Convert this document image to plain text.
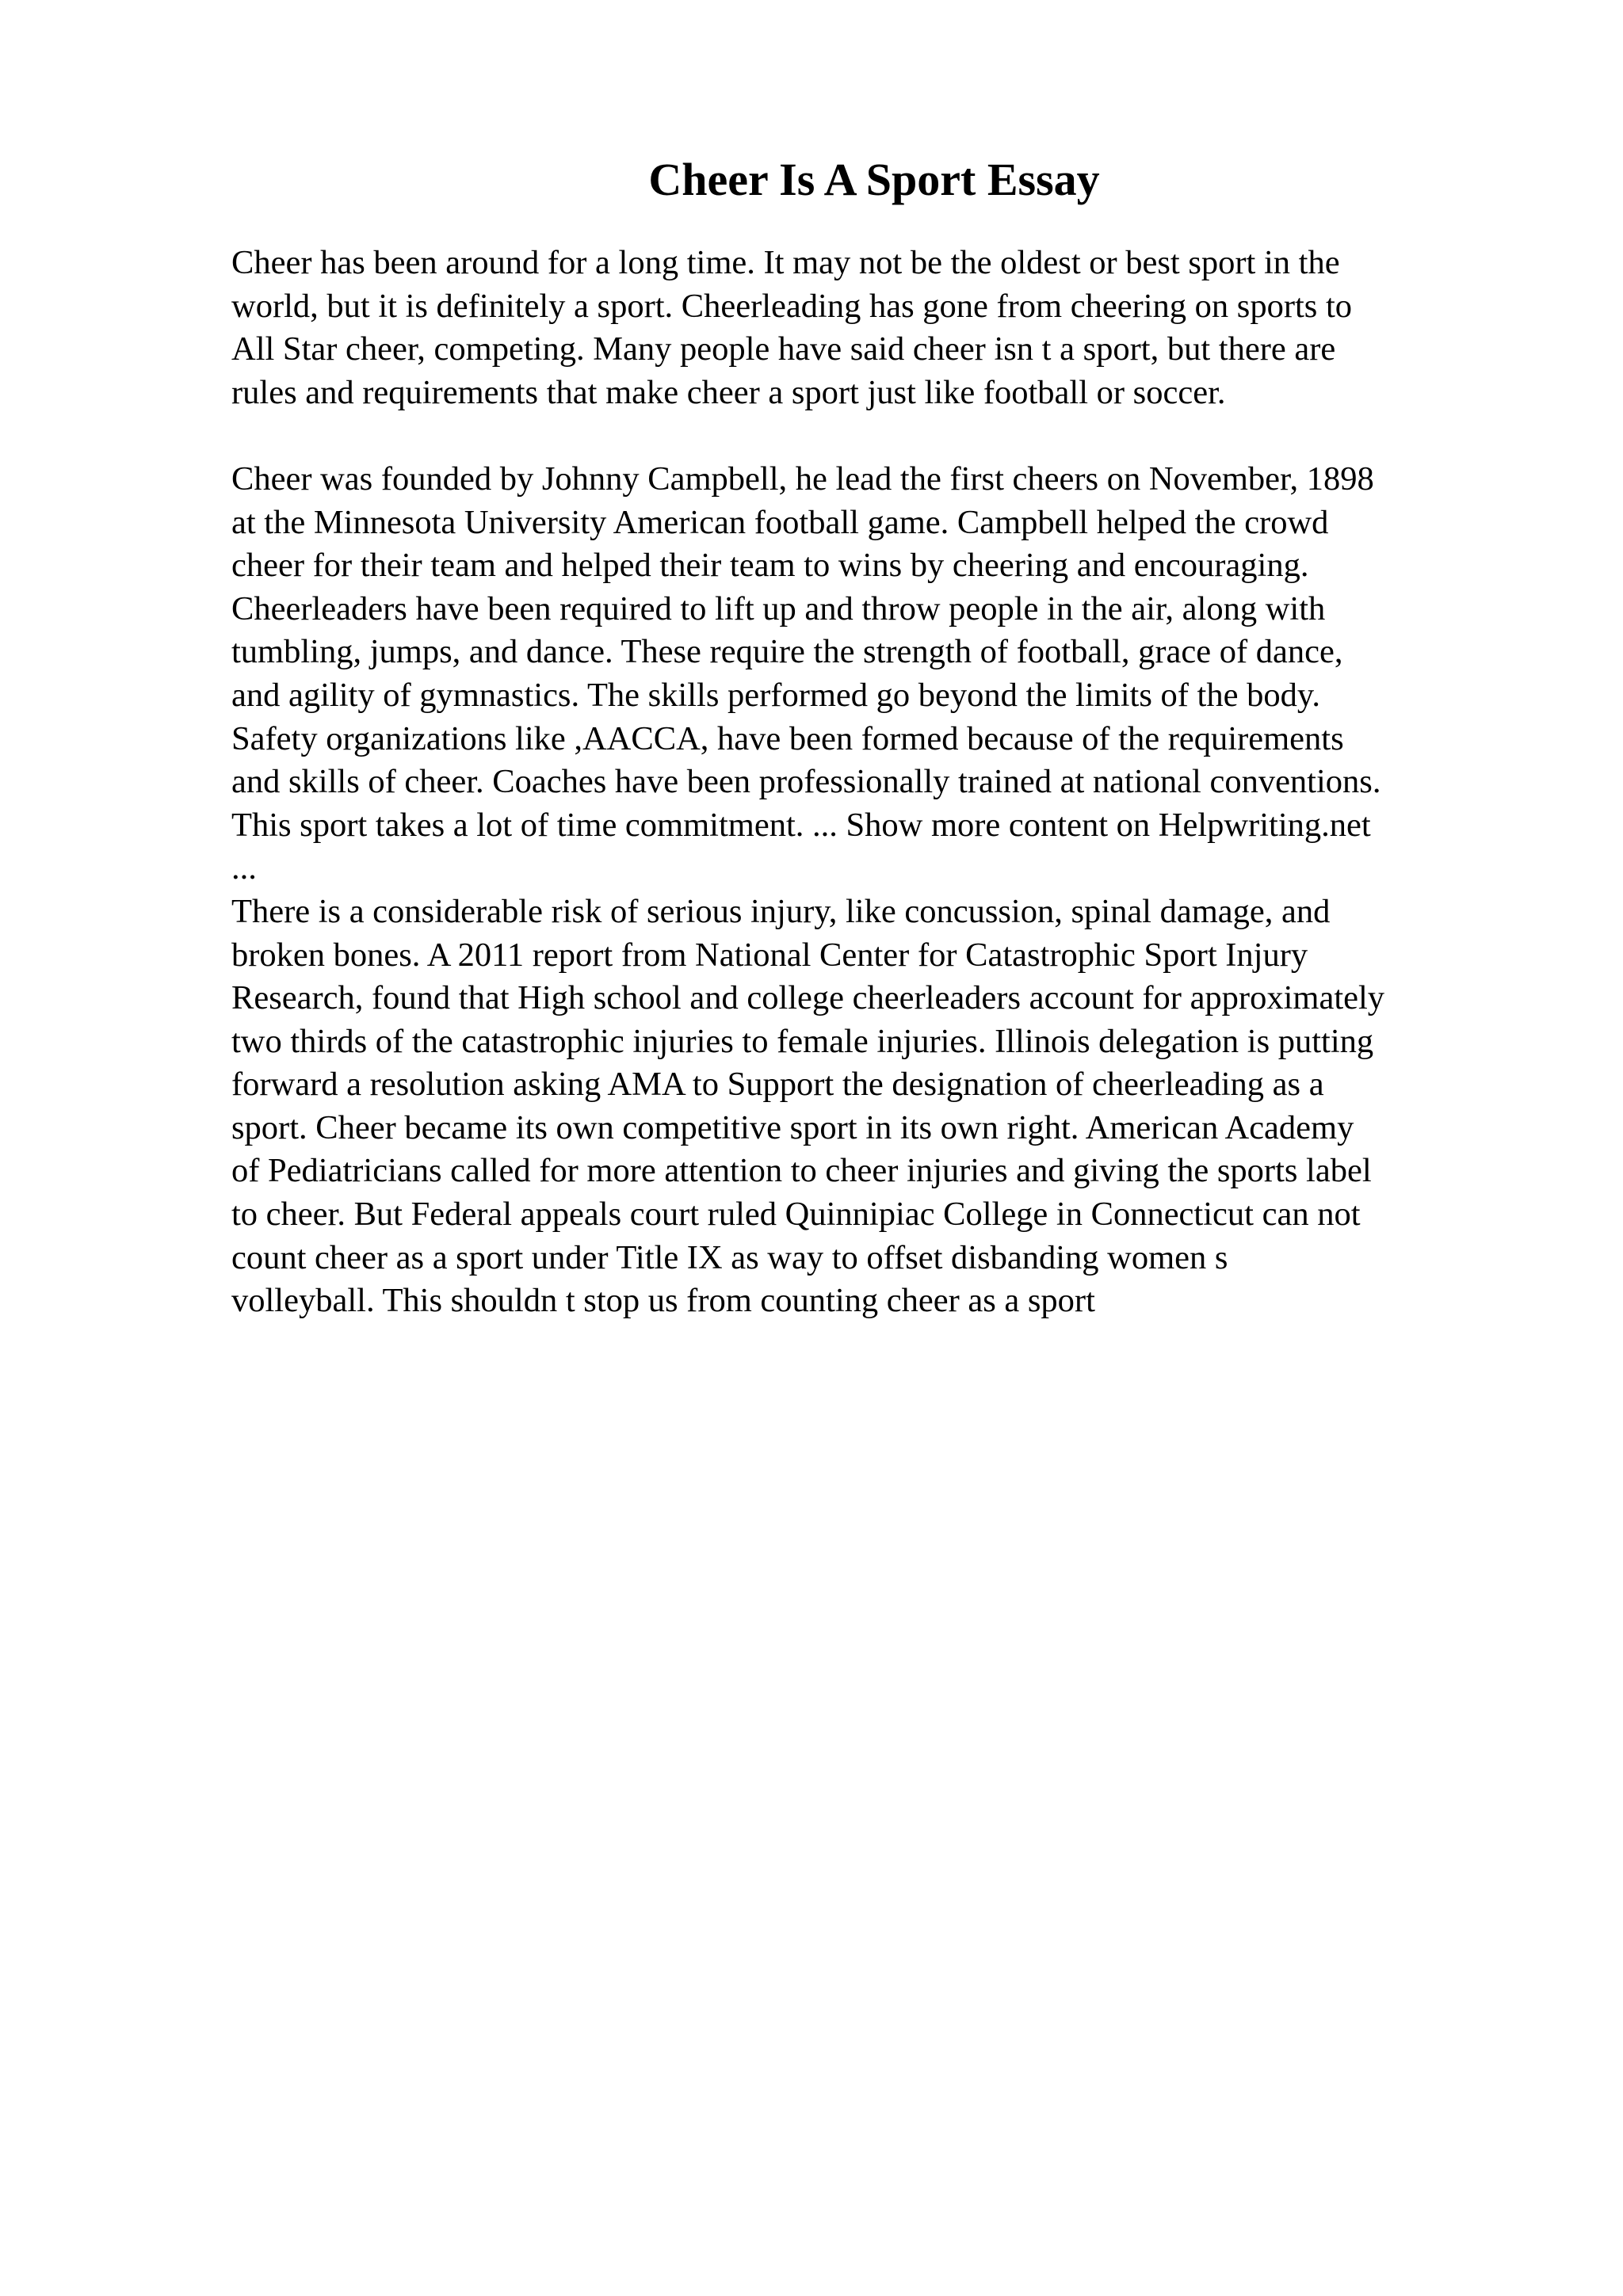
Cheer Is A Sport Essay

Cheer has been around for a long time. It may not be the oldest or best sport in the
world, but it is definitely a sport. Cheerleading has gone from cheering on sports to
All Star cheer, competing. Many people have said cheer isn t a sport, but there are
rules and requirements that make cheer a sport just like football or soccer.

Cheer was founded by Johnny Campbell, he lead the first cheers on November, 1898
at the Minnesota University American football game. Campbell helped the crowd
cheer for their team and helped their team to wins by cheering and encouraging.
Cheerleaders have been required to lift up and throw people in the air, along with
tumbling, jumps, and dance. These require the strength of football, grace of dance,
and agility of gymnastics. The skills performed go beyond the limits of the body.
Safety organizations like ,AACCA, have been formed because of the requirements
and skills of cheer. Coaches have been professionally trained at national conventions.
This sport takes a lot of time commitment. ... Show more content on Helpwriting.net
...

There is a considerable risk of serious injury, like concussion, spinal damage, and
broken bones. A 2011 report from National Center for Catastrophic Sport Injury
Research, found that High school and college cheerleaders account for approximately
two thirds of the catastrophic injuries to female injuries. Illinois delegation is putting
forward a resolution asking AMA to Support the designation of cheerleading as a
sport. Cheer became its own competitive sport in its own right. American Academy
of Pediatricians called for more attention to cheer injuries and giving the sports label
to cheer. But Federal appeals court ruled Quinnipiac College in Connecticut can not
count cheer as a sport under Title IX as way to offset disbanding women s
volleyball. This shouldn t stop us from counting cheer as a sport
